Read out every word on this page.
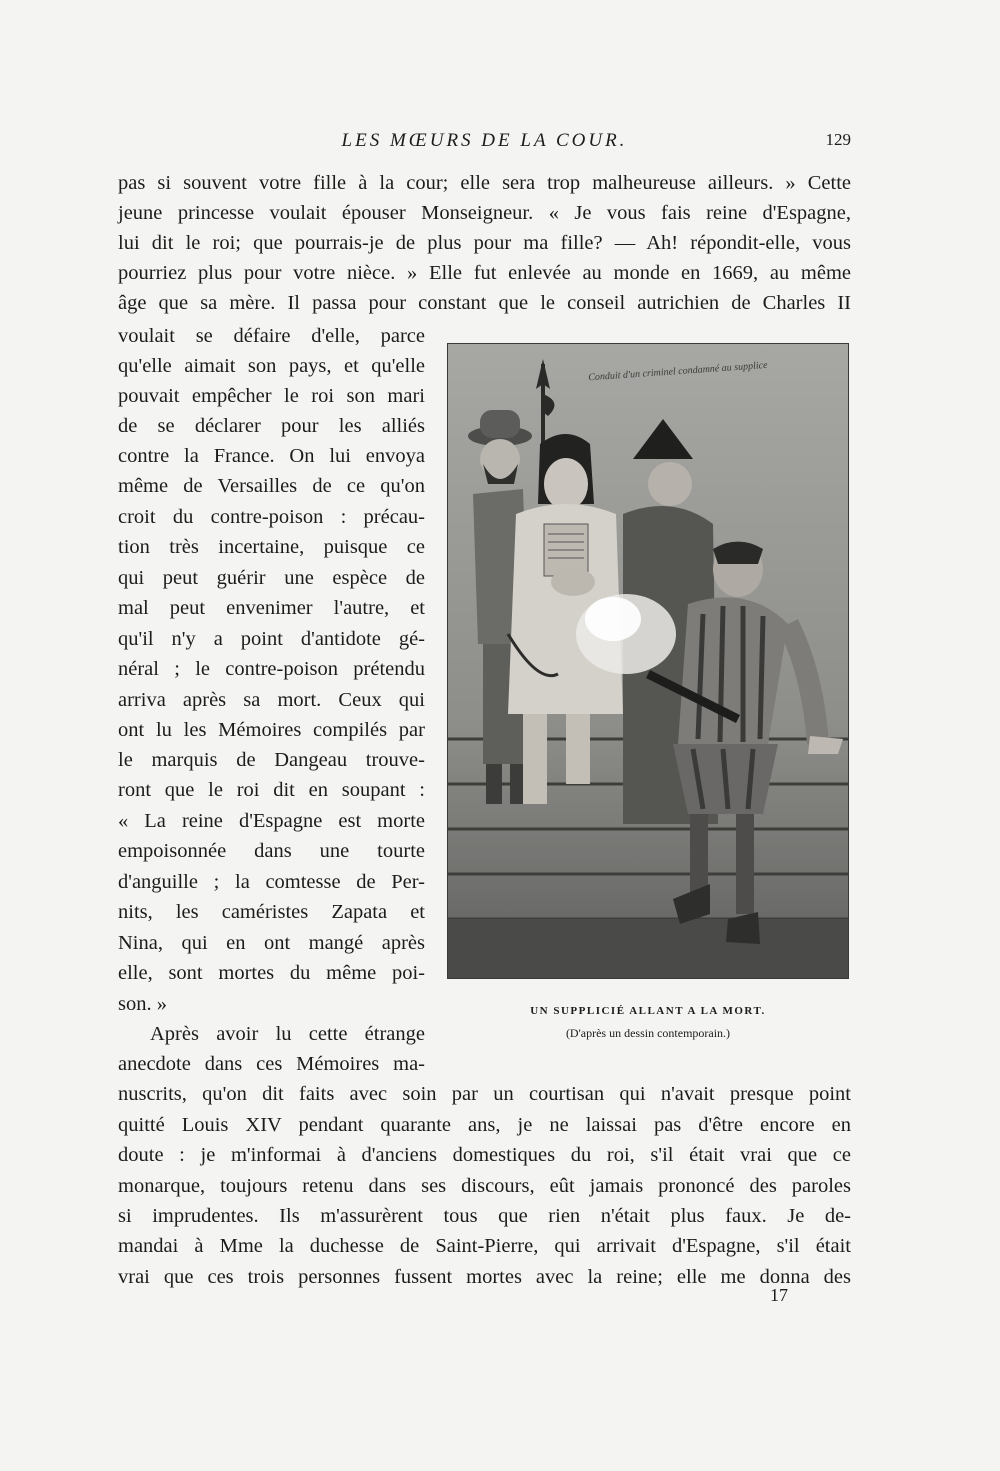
LES MŒURS DE LA COUR.	129
pas si souvent votre fille à la cour; elle sera trop malheureuse ailleurs. » Cette
jeune princesse voulait épouser Monseigneur. « Je vous fais reine d'Espagne,
lui dit le roi; que pourrais-je de plus pour ma fille? — Ah! répondit-elle, vous
pourriez plus pour votre nièce. » Elle fut enlevée au monde en 1669, au même
âge que sa mère. Il passa pour constant que le conseil autrichien de Charles II
voulait se défaire d'elle, parce
qu'elle aimait son pays, et qu'elle
pouvait empêcher le roi son mari
de se déclarer pour les alliés
contre la France. On lui envoya
même de Versailles de ce qu'on
croit du contre-poison : précau-
tion très incertaine, puisque ce
qui peut guérir une espèce de
mal peut envenimer l'autre, et
qu'il n'y a point d'antidote gé-
néral ; le contre-poison prétendu
arriva après sa mort. Ceux qui
ont lu les Mémoires compilés par
le marquis de Dangeau trouve-
ront que le roi dit en soupant :
« La reine d'Espagne est morte
empoisonnée dans une tourte
d'anguille ; la comtesse de Per-
nits, les caméristes Zapata et
Nina, qui en ont mangé après
elle, sont mortes du même poi-
son. »
Après avoir lu cette étrange
anecdote dans ces Mémoires ma-
nuscrits, qu'on dit faits avec soin par un courtisan qui n'avait presque point
quitté Louis XIV pendant quarante ans, je ne laissai pas d'être encore en
doute : je m'informai à d'anciens domestiques du roi, s'il était vrai que ce
monarque, toujours retenu dans ses discours, eût jamais prononcé des paroles
si imprudentes. Ils m'assurèrent tous que rien n'était plus faux. Je de-
mandai à Mme la duchesse de Saint-Pierre, qui arrivait d'Espagne, s'il était
vrai que ces trois personnes fussent mortes avec la reine; elle me donna des
Conduit d'un criminel condamné au supplice
UN SUPPLICIÉ ALLANT A LA MORT.
(D'après un dessin contemporain.)
17
